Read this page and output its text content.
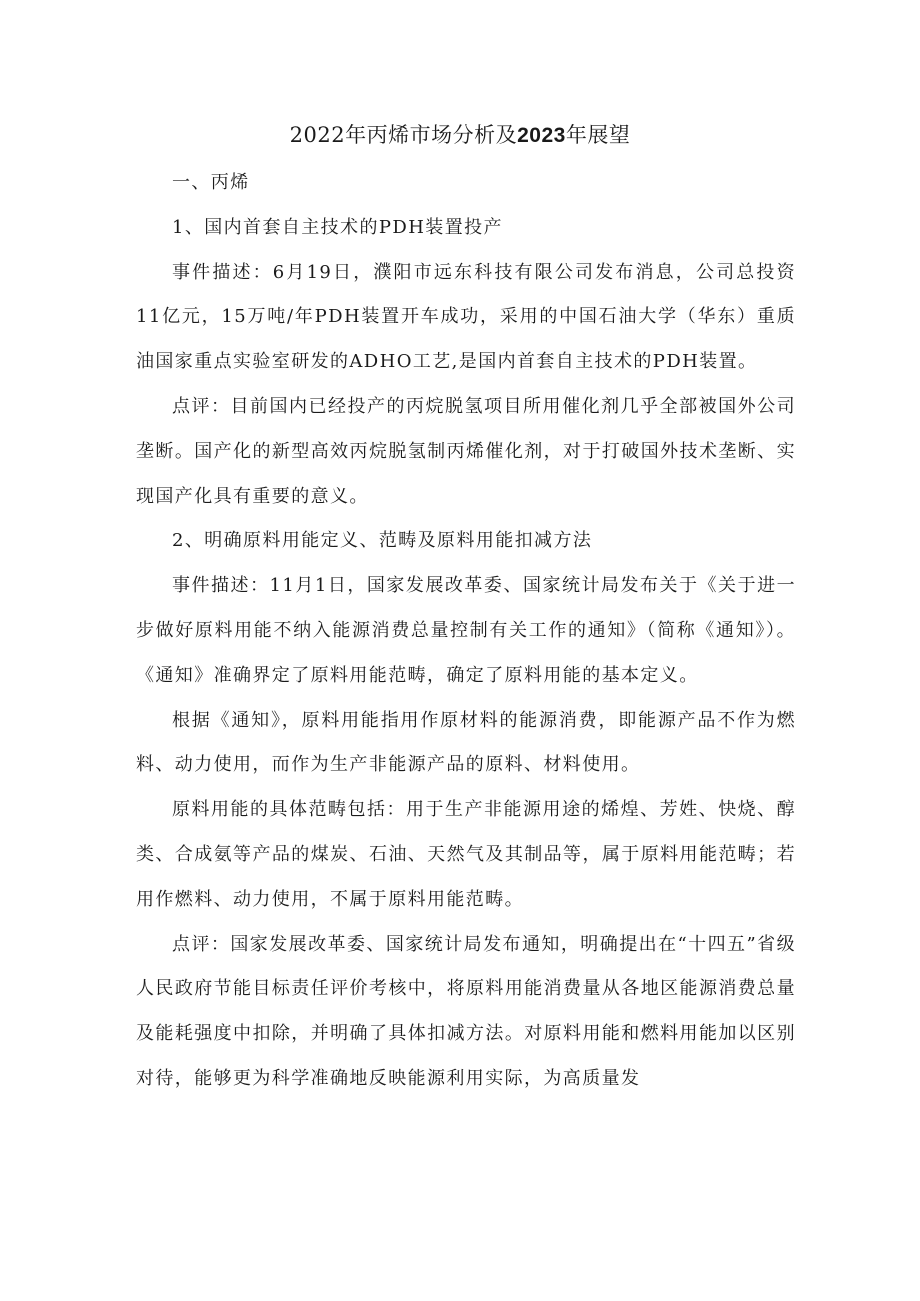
2022年丙烯市场分析及2023年展望

一、丙烯

1、国内首套自主技术的PDH装置投产

事件描述：6月19日，濮阳市远东科技有限公司发布消息，公司总投资11亿元，15万吨/年PDH装置开车成功，采用的中国石油大学（华东）重质油国家重点实验室研发的ADHO工艺,是国内首套自主技术的PDH装置。

点评：目前国内已经投产的丙烷脱氢项目所用催化剂几乎全部被国外公司垄断。国产化的新型高效丙烷脱氢制丙烯催化剂，对于打破国外技术垄断、实现国产化具有重要的意义。

2、明确原料用能定义、范畴及原料用能扣减方法

事件描述：11月1日，国家发展改革委、国家统计局发布关于《关于进一步做好原料用能不纳入能源消费总量控制有关工作的通知》（简称《通知》）。《通知》准确界定了原料用能范畴，确定了原料用能的基本定义。

根据《通知》，原料用能指用作原材料的能源消费，即能源产品不作为燃料、动力使用，而作为生产非能源产品的原料、材料使用。

原料用能的具体范畴包括：用于生产非能源用途的烯煌、芳姓、快烧、醇类、合成氨等产品的煤炭、石油、天然气及其制品等，属于原料用能范畴；若用作燃料、动力使用，不属于原料用能范畴。

点评：国家发展改革委、国家统计局发布通知，明确提出在“十四五”省级人民政府节能目标责任评价考核中，将原料用能消费量从各地区能源消费总量及能耗强度中扣除，并明确了具体扣减方法。对原料用能和燃料用能加以区别对待，能够更为科学准确地反映能源利用实际，为高质量发
